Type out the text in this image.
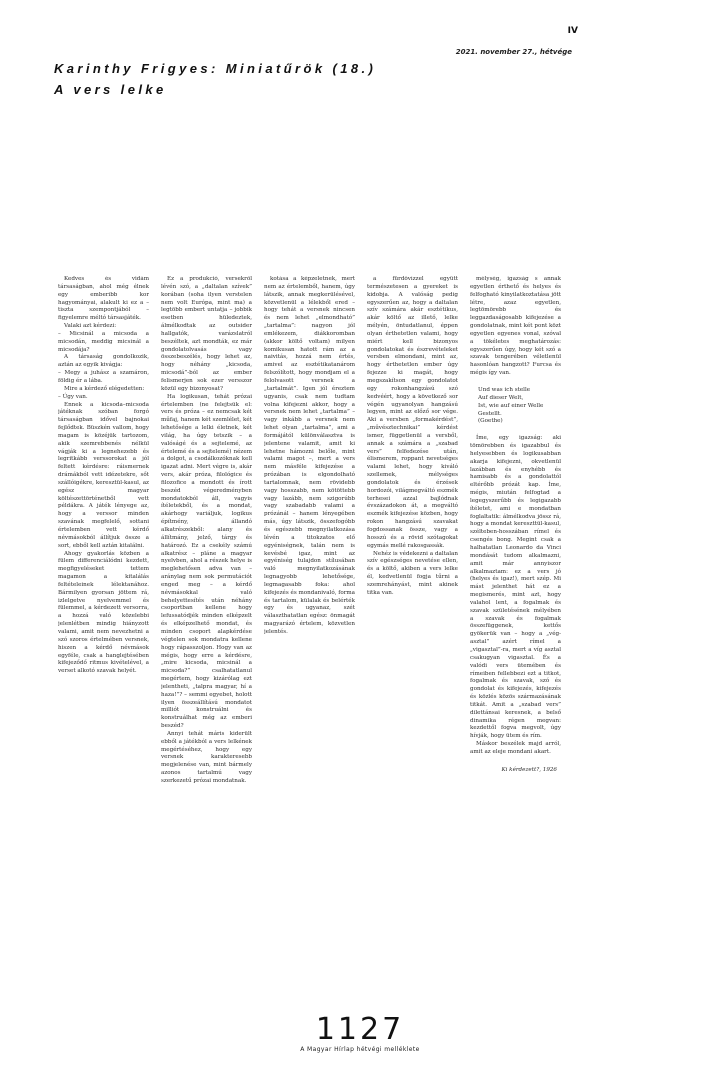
IV
2021. november 27., hétvége
Karinthy Frigyes: Miniatűrök (18.)
A vers lelke

Kedves és vidám társaságban, ahol még élnek egy emberibb kor hagyományai, alakult ki ez a – tiszta szempontjából – figyelemre méltó társasjáték.

Valaki azt kérdezi:

– Micsinál a micsoda a micsodán, meddig micsinál a micsodája?

A társaság gondolkozik, aztán az egyik kivágja:

– Megy a juhász a szamáron, földig ér a lába.

Mire a kérdező elégedetten:

– Úgy van.

Ennek a kicsoda–micsoda játéknak szóban forgó társaságban idővel bajnokai fejlődtek. Büszkén vallom, hogy magam is közéjük tartozom, akik szemrebbenés nélkül vágják ki a legnehezebb és legritkább verssorokat a jól feltett kérdésre: ráismernek drámákból vett idézetekre, sőt szállóigékre, keresztül-kasul, az egész magyar költészettörténetből vett példákra. A játék lényege az, hogy a verssor minden szavának megfelelő, sottani értelemben vett kérdő névmásokból állítjuk össze a sort, ebből kell aztán kitalálni.

Ahogy gyakorlás közben a fülem differenciálódni kezdett, megfigyeléseket tettem magamon a kitalálás feltételeinek lélektanához. Bármilyen gyorsan jöttem rá, izlelgetve nyelvemmel és fülemmel, a kérdezett versorra, a hozzá való közelebbi jelenlétben mindig hiányzott valami, amit nem nevezhetni a szó szoros értelmében versnek, hiszen a kérdő névmások egyféle, csak a hanglejtésében kifejeződő ritmus kivételével, a verset alkotó szavak helyét.

Ez a produkció, versekről lévén szó, a „daltalan szívek” korában (soha ilyen verstelen nem volt Európa, mint ma) a legtöbb embert untatja – jobbik esetben hüledeztek, álmélkodtak az outsider hallgatók, varázslatról beszéltek, azt mondták, ez már gondolatolvasás vagy összebeszélés, hogy lehet az, hogy néhány „kicsoda, micsodá”-ból az ember felismerjen sok ezer versszor közül egy bizonyosat?

Ha logikusan, tehát prózai értelemben (ne felejtsük el: vers és próza – ez nemcsak két műfaj, hanem két szemlélet, két lehetősége a lelki életnek, két világ, ha úgy tetszik – a valóságé és a sejtelemé, az értelemé és a sejtelemé) nézem a dolgot, a csodálkozóknak kell igazat adni. Mert végre is, akár vers, akár próza, filológice és filozofice a mondott és írott beszéd végeredményben mondatokból áll, vagyis ítéletekből, és a mondat, akárhogy variáljuk, logikus építmény, állandó alkatrészekből: alany és állítmány, jelző, tárgy és határozó. Ez a csekély számú alkatrész – pláne a magyar nyelvben, ahol a részek helye is meglehetősen adva van – aránylag nem sok permutációt enged meg – a kérdő névmásokkal való behelyettesítés után néhány csoportban kellene hogy lefussatódjék minden elképzelt és elképzelhető mondat, és minden csoport alapkérdése végtelen sok mondatra kellene hogy rápasszoljon. Hogy van az mégis, hogy erre a kérdésre, „mire kicsoda, micsinál a micsoda?” csalhatatlanul megértem, hogy kizárólag ezt jelentheti, „talpra magyar, hí a haza!”? – semmi egyebet, holott ilyen összeállítású mondatot milliót konstruálni és konstruálhat még az emberi beszéd?

Annyi tehát máris kiderült ebből a játékból a vers lelkének megértéséhez, hogy egy versnek karakteresebb megjelenése van, mint bármely azonos tartalmú vagy szerkezetű prózai mondatnak.

kotása a képzeletnek, mert nem az értelemből, hanem, úgy látszik, annak megkerülésével, közvetlenül a lélekből ered – hogy tehát a versnek nincsen és nem lehet „elmondható” „tartalma”: nagyon jól emlékezem, diákkoromban (akkor költő voltam) milyen komikusan hatott rám az a naivitás, hozzá nem értés, amivel az esztétikatanárom felszólított, hogy mondjam el a felolvasott versnek a „tartalmát”. Igen jól éreztem ugyanis, csak nem tudtam volna kifejezni akkor, hogy a versnek nem lehet „tartalma” – vagy inkább a versnek nem lehet olyan „tartalma”, ami a formájától különválasztva is jelentene valamit, amit ki lehetne hámozni belőle, mint valami magot –, mert a vers nem másféle kifejezése a prózában is elgondolható tartalomnak, nem rövidebb vagy hosszabb, nem kötöttebb vagy lazább, nem szigorúbb vagy szabadabb valami a prózánál – hanem lényegében más, úgy látszik, összefogóbb és egészebb megnyilatkozása lévén a titokzatos elő egyéniségnek, talán nem is kevésbé igaz, mint az egyéniség tulajdon stílusában való megnyilatkozásának legnagyobb lehetősége, legmagasabb foka: ahol kifejezés és mondanivaló, forma és tartalom, külalak és belérték egy és ugyanaz, szét választhatatlan egész: önmagát magyarázó értelem, közvetlen jelentés.

a fürdővízzel együtt természetesen a gyereket is kidobja. A valóság pedig egyszerűen az, hogy a daltalan szív számára akár esztétikus, akár költő az illető, lelke mélyén, öntudatlanul, éppen olyan érthetetlen valami, hogy miért kell bizonyos gondolatokat és észrevételeket versben elmondani, mint az, hogy érthetetlen ember úgy fejezze ki magát, hogy megszakítson egy gondolatot egy rokonhangzású szó kedvéért, hogy a következő sor végén ugyanolyan hangzású legyen, mint az előző sor vége. Aki a versben „formakérdést”, „művésztechnikai” kérdést ismer, függetlenül a versből, annak a számára a „szabad vers” felfedezése után, élismerem, roppant nevetséges valami lehet, hogy kiváló szellemek, mélységes gondolatok és érzések hordozói, világmegváltó eszmék terhesei azzal bajlódnak évszázadokon át, a megváltó eszmék kifejezése közben, hogy rokon hangzású szavakat fogdossanak össze, vagy a hosszú és a rövid szótagokat egymás mellé rakosgassák.

Nehéz is védekezni a daltalan szív egészséges nevetése ellen, és a költő, akiben a vers lelke él, kedvetlenül fogja tűrni a szemrehányást, mint akinek titka van.

mélység, igazság s annak egyetlen érthető és helyes és felfogható kinyilatkoztatása jött létre, azaz egyetlen, legtömörebb és leggazdaságosabb kifejezése a gondolatnak, mint két pont közt egyetlen egyenes vonal, szóval a tökéletes meghatározás: egyszerűen úgy, hogy két szó a szavak tengerében véletlenül hasonlóan hangzott? Furcsa és mégis így van.

Und was ich stelle
Auf dieser Welt,
Ist, wie auf einer Welle
Gestellt.
(Goethe)

Íme, egy igazság: aki tömörebben és igazabbul és helyesebben és logikusabban akarja kifejezni, okvetlenül lazábban és enyhébb és hamisabb és a gondolattól eltérőbb prózát kap. Íme, mégis, miután felfogtad a legegyszerűbb és legigazabb ítéletet, ami e mondatban foglaltatik: álmélkodva jössz rá, hogy a mondat kereszttül-kasul, szélteben-hosszában rímel és csengés bong. Megint csak a halhatatlan Leonardo da Vinci mondását tudom alkalmazni, amit már annyiszor alkalmaztam: ez a vers jó (helyes és igaz!), mert szép. Mi mást jelenthet hát ez a megismerés, mint azt, hogy valahol lent, a fogalmak és szavak születésének mélyében a szavak és fogalmak összefüggenek, kettős gyökerük van – hogy a „vég-asztal” azért rímel a „vigasztal”-ra, mert a víg asztal csakugyan vigasztal. És a valódi vers ütemében és rímeiben fellebbezi ezt a titkot, fogalmak és szavak, szó és gondolat és kifejezés, kifejezés és közlés közös származásának titkát. Amit a „szabad vers” dilettánsai keresnek, a belső dinamika régen megvan: kezdettől fogva megvolt, úgy hívják, hogy ütem és rím.

Máskor beszélek majd arról, amit az eleje mondani akart.

Ki kérdezett?, 1926
1127
A Magyar Hírlap hétvégi melléklete
